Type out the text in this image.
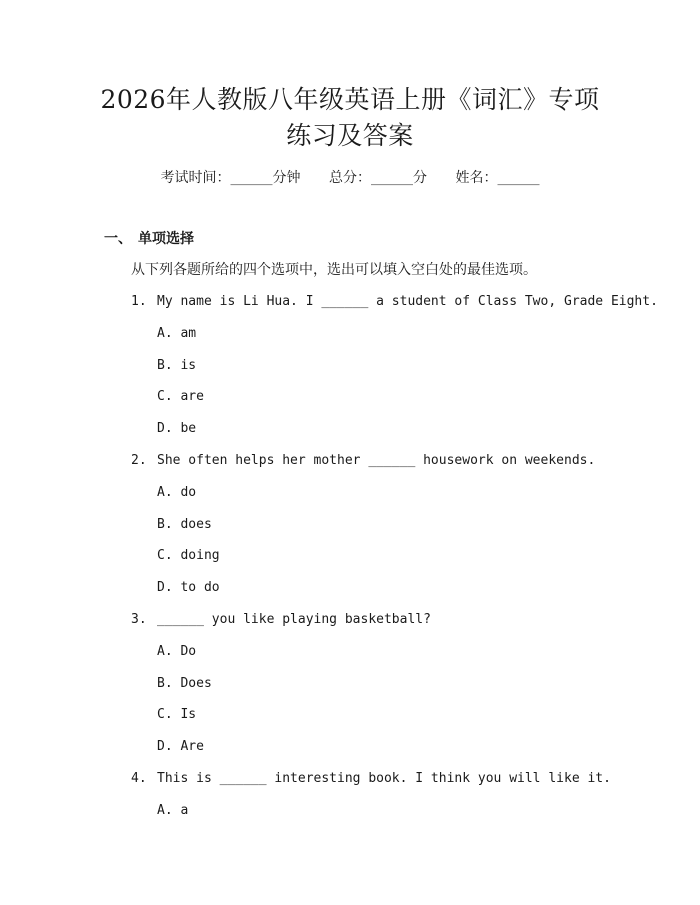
2026年人教版八年级英语上册《词汇》专项
练习及答案
考试时间：______分钟 总分：______分 姓名：______
一、 单项选择
从下列各题所给的四个选项中，选出可以填入空白处的最佳选项。
1. My name is Li Hua. I ______ a student of Class Two, Grade Eight.
A. am
B. is
C. are
D. be
2. She often helps her mother ______ housework on weekends.
A. do
B. does
C. doing
D. to do
3. ______ you like playing basketball?
A. Do
B. Does
C. Is
D. Are
4. This is ______ interesting book. I think you will like it.
A. a
